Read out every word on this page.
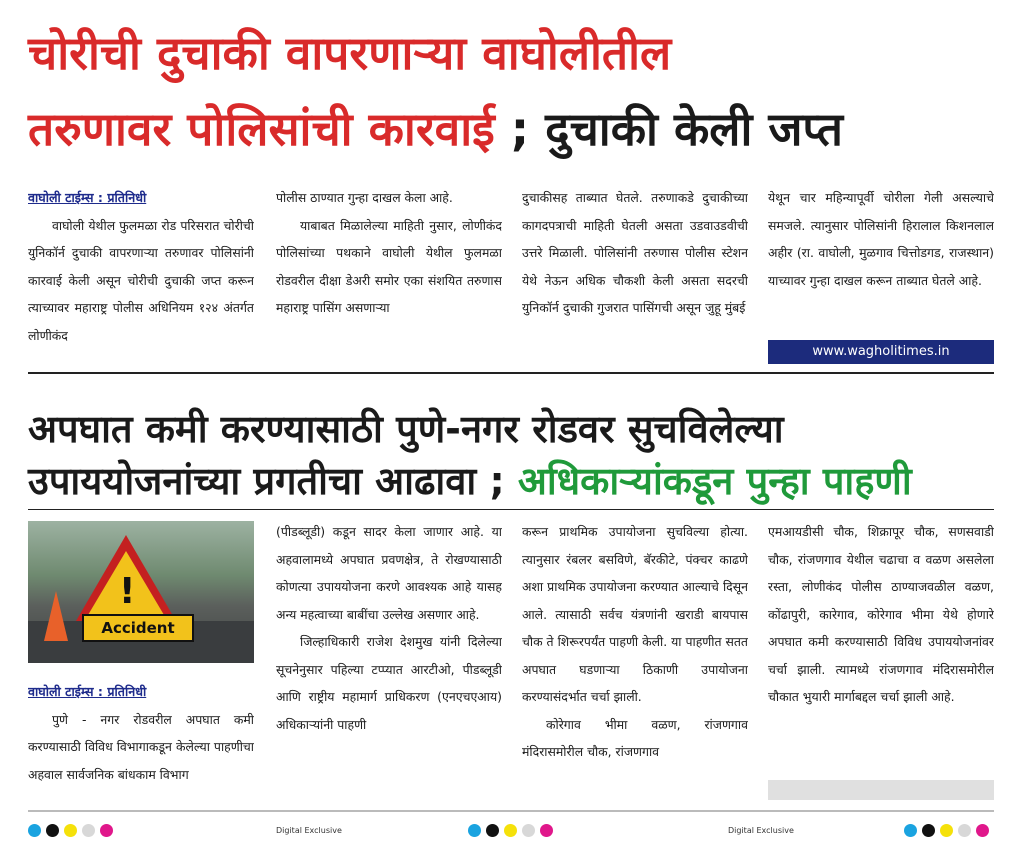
चोरीची दुचाकी वापरणाऱ्या वाघोलीतील
तरुणावर पोलिसांची कारवाई ; दुचाकी केली जप्त

वाघोली टाईम्स : प्रतिनिधी

वाघोली येथील फुलमळा रोड परिसरात चोरीची युनिकॉर्न दुचाकी वापरणाऱ्या तरुणावर पोलिसांनी कारवाई केली असून चोरीची दुचाकी जप्त करून त्याच्यावर महाराष्ट्र पोलीस अधिनियम १२४ अंतर्गत लोणीकंद

पोलीस ठाण्यात गुन्हा दाखल केला आहे.

याबाबत मिळालेल्या माहिती नुसार, लोणीकंद पोलिसांच्या पथकाने वाघोली येथील फुलमळा रोडवरील दीक्षा डेअरी समोर एका संशयित तरुणास महाराष्ट्र पासिंग असणाऱ्या

दुचाकीसह ताब्यात घेतले. तरुणाकडे दुचाकीच्या कागदपत्राची माहिती घेतली असता उडवाउडवीची उत्तरे मिळाली. पोलिसांनी तरुणास पोलीस स्टेशन येथे नेऊन अधिक चौकशी केली असता सदरची युनिकॉर्न दुचाकी गुजरात पासिंगची असून जुहू मुंबई

येथून चार महिन्यापूर्वी चोरीला गेली असल्याचे समजले. त्यानुसार पोलिसांनी हिरालाल किशनलाल अहीर (रा. वाघोली, मुळगाव चित्तोडगड, राजस्थान) याच्यावर गुन्हा दाखल करून ताब्यात घेतले आहे.

www.wagholitimes.in
अपघात कमी करण्यासाठी पुणे-नगर रोडवर सुचविलेल्या
उपाययोजनांच्या प्रगतीचा आढावा ; अधिकाऱ्यांकडून पुन्हा पाहणी
!
Accident

वाघोली टाईम्स : प्रतिनिधी

पुणे - नगर रोडवरील अपघात कमी करण्यासाठी विविध विभागाकडून केलेल्या पाहणीचा अहवाल सार्वजनिक बांधकाम विभाग

(पीडब्लूडी) कडून सादर केला जाणार आहे. या अहवालामध्ये अपघात प्रवणक्षेत्र, ते रोखण्यासाठी कोणत्या उपाययोजना करणे आवश्यक आहे यासह अन्य महत्वाच्या बाबींचा उल्लेख असणार आहे.

जिल्हाधिकारी राजेश देशमुख यांनी दिलेल्या सूचनेनुसार पहिल्या टप्प्यात आरटीओ, पीडब्लूडी आणि राष्ट्रीय महामार्ग प्राधिकरण (एनएचएआय) अधिकाऱ्यांनी पाहणी

करून प्राथमिक उपायोजना सुचविल्या होत्या. त्यानुसार रंबलर बसविणे, बॅरकीटे, पंक्चर काढणे अशा प्राथमिक उपायोजना करण्यात आल्याचे दिसून आले. त्यासाठी सर्वच यंत्रणांनी खराडी बायपास चौक ते शिरूरपर्यंत पाहणी केली. या पाहणीत सतत अपघात घडणाऱ्या ठिकाणी उपायोजना करण्यासंदर्भात चर्चा झाली.

कोरेगाव भीमा वळण, रांजणगाव मंदिरासमोरील चौक, रांजणगाव

एमआयडीसी चौक, शिक्रापूर चौक, सणसवाडी चौक, रांजणगाव येथील चढाचा व वळण असलेला रस्ता, लोणीकंद पोलीस ठाण्याजवळील वळण, कोंढापुरी, कारेगाव, कोरेगाव भीमा येथे होणारे अपघात कमी करण्यासाठी विविध उपाययोजनांवर चर्चा झाली. त्यामध्ये रांजणगाव मंदिरासमोरील चौकात भुयारी मार्गाबद्दल चर्चा झाली आहे.

Digital Exclusive	Digital Exclusive
